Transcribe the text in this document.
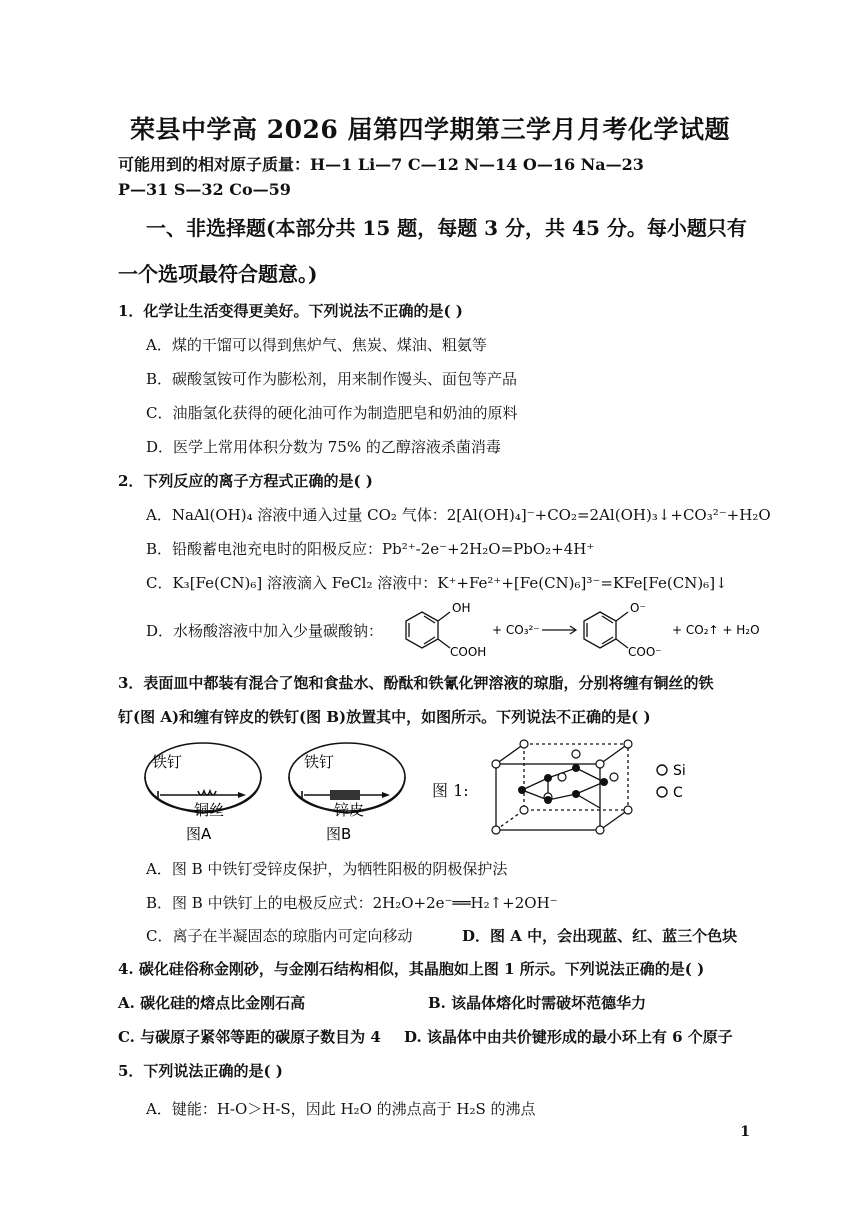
荣县中学高 2026 届第四学期第三学月月考化学试题
可能用到的相对原子质量：H—1 Li—7 C—12 N—14 O—16 Na—23
P—31 S—32 Co—59
一、非选择题(本部分共 15 题，每题 3 分，共 45 分。每小题只有
一个选项最符合题意。)
1．化学让生活变得更美好。下列说法不正确的是( )
A．煤的干馏可以得到焦炉气、焦炭、煤油、粗氨等
B．碳酸氢铵可作为膨松剂，用来制作馒头、面包等产品
C．油脂氢化获得的硬化油可作为制造肥皂和奶油的原料
D．医学上常用体积分数为 75% 的乙醇溶液杀菌消毒
2．下列反应的离子方程式正确的是( )
A．NaAl(OH)₄ 溶液中通入过量 CO₂ 气体：2[Al(OH)₄]⁻+CO₂=2Al(OH)₃↓+CO₃²⁻+H₂O
B．铅酸蓄电池充电时的阳极反应：Pb²⁺-2e⁻+2H₂O=PbO₂+4H⁺
C．K₃[Fe(CN)₆] 溶液滴入 FeCl₂ 溶液中：K⁺+Fe²⁺+[Fe(CN)₆]³⁻=KFe[Fe(CN)₆]↓
D．水杨酸溶液中加入少量碳酸钠：
OH
COOH
+ CO₃²⁻
O⁻
COO⁻
+ CO₂↑ + H₂O
3．表面皿中都装有混合了饱和食盐水、酚酞和铁氰化钾溶液的琼脂，分别将缠有铜丝的铁
钉(图 A)和缠有锌皮的铁钉(图 B)放置其中，如图所示。下列说法不正确的是( )
铁钉
铜丝
图A
铁钉
锌皮
图B
图 1:
Si
C
A．图 B 中铁钉受锌皮保护，为牺牲阳极的阴极保护法
B．图 B 中铁钉上的电极反应式：2H₂O+2e⁻══H₂↑+2OH⁻
C．离子在半凝固态的琼脂内可定向移动	D．图 A 中，会出现蓝、红、蓝三个色块
4. 碳化硅俗称金刚砂，与金刚石结构相似，其晶胞如上图 1 所示。下列说法正确的是( )
A. 碳化硅的熔点比金刚石高	B. 该晶体熔化时需破坏范德华力
C. 与碳原子紧邻等距的碳原子数目为 4 D. 该晶体中由共价键形成的最小环上有 6 个原子
5．下列说法正确的是( )
A．键能：H-O＞H-S，因此 H₂O 的沸点高于 H₂S 的沸点
1
